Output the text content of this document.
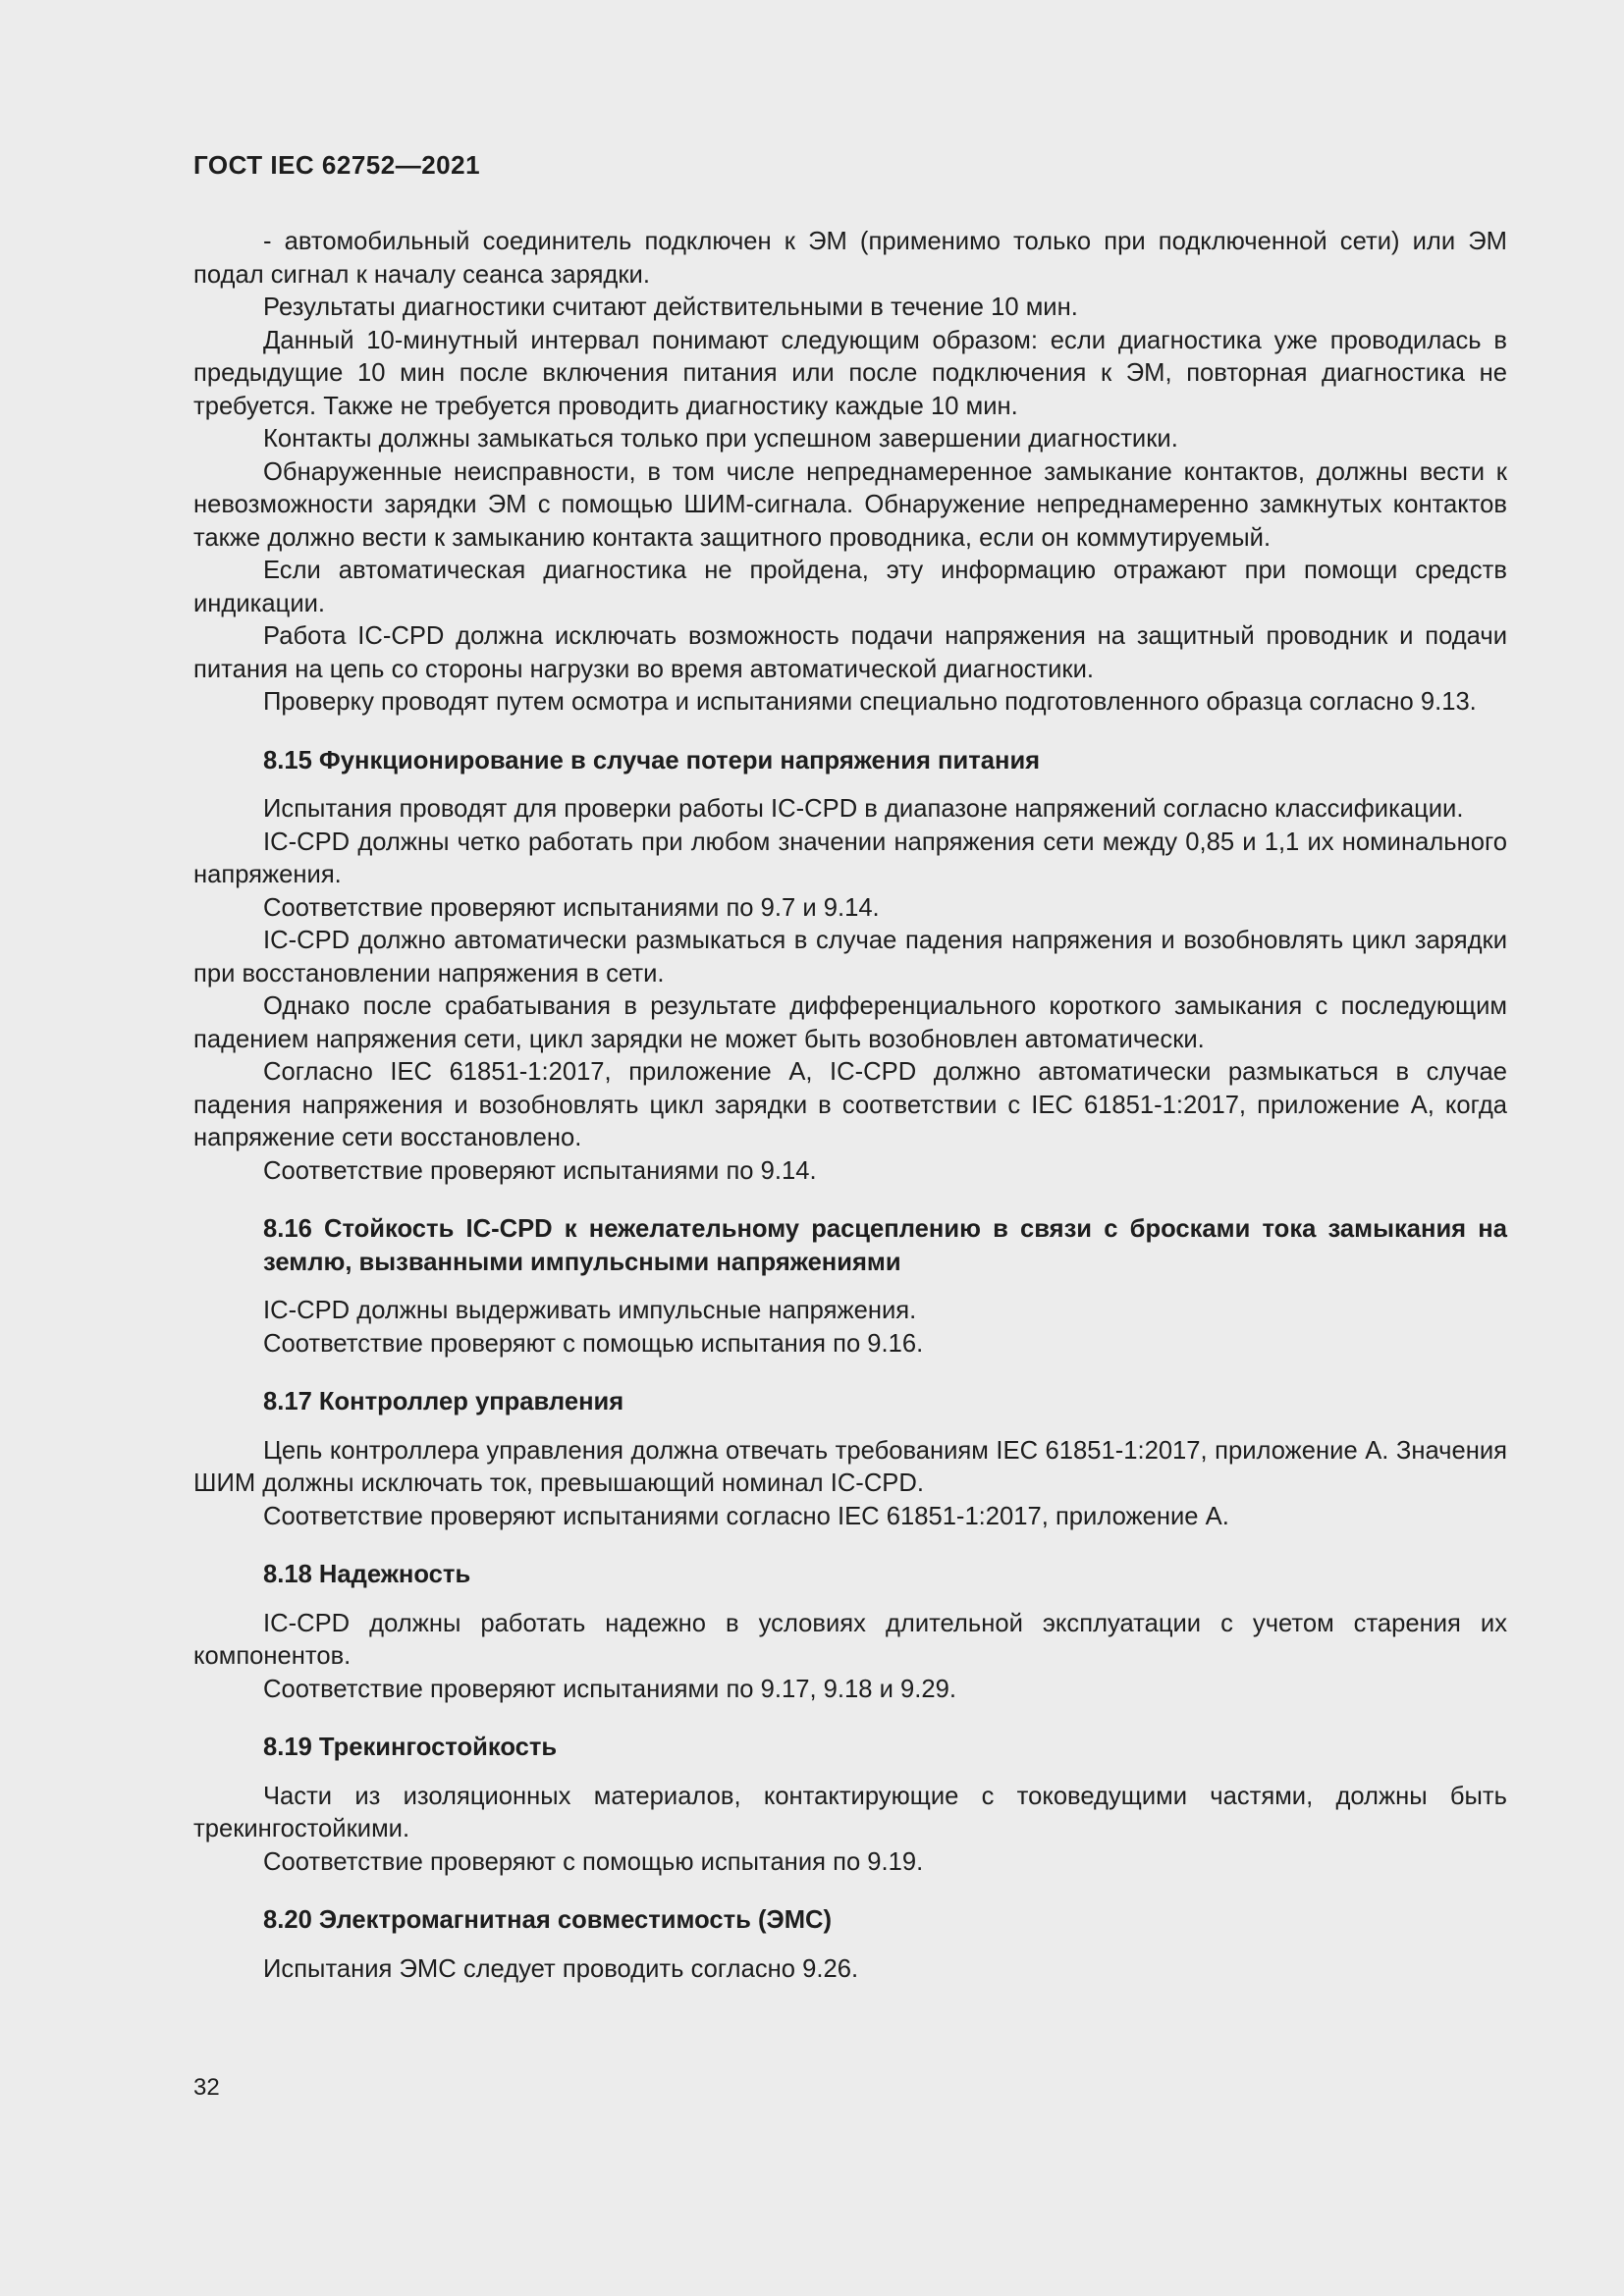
ГОСТ IEC 62752—2021

- автомобильный соединитель подключен к ЭМ (применимо только при подключенной сети) или ЭМ подал сигнал к началу сеанса зарядки.

Результаты диагностики считают действительными в течение 10 мин.

Данный 10-минутный интервал понимают следующим образом: если диагностика уже проводилась в предыдущие 10 мин после включения питания или после подключения к ЭМ, повторная диагностика не требуется. Также не требуется проводить диагностику каждые 10 мин.

Контакты должны замыкаться только при успешном завершении диагностики.

Обнаруженные неисправности, в том числе непреднамеренное замыкание контактов, должны вести к невозможности зарядки ЭМ с помощью ШИМ-сигнала. Обнаружение непреднамеренно замкнутых контактов также должно вести к замыканию контакта защитного проводника, если он коммутируемый.

Если автоматическая диагностика не пройдена, эту информацию отражают при помощи средств индикации.

Работа IC-CPD должна исключать возможность подачи напряжения на защитный проводник и подачи питания на цепь со стороны нагрузки во время автоматической диагностики.

Проверку проводят путем осмотра и испытаниями специально подготовленного образца согласно 9.13.

8.15 Функционирование в случае потери напряжения питания

Испытания проводят для проверки работы IC-CPD в диапазоне напряжений согласно классификации.

IC-CPD должны четко работать при любом значении напряжения сети между 0,85 и 1,1 их номинального напряжения.

Соответствие проверяют испытаниями по 9.7 и 9.14.

IC-CPD должно автоматически размыкаться в случае падения напряжения и возобновлять цикл зарядки при восстановлении напряжения в сети.

Однако после срабатывания в результате дифференциального короткого замыкания с последующим падением напряжения сети, цикл зарядки не может быть возобновлен автоматически.

Согласно IEC 61851-1:2017, приложение А, IC-CPD должно автоматически размыкаться в случае падения напряжения и возобновлять цикл зарядки в соответствии с IEC 61851-1:2017, приложение А, когда напряжение сети восстановлено.

Соответствие проверяют испытаниями по 9.14.

8.16 Стойкость IC-CPD к нежелательному расцеплению в связи с бросками тока замыкания на землю, вызванными импульсными напряжениями

IC-CPD должны выдерживать импульсные напряжения.

Соответствие проверяют с помощью испытания по 9.16.

8.17 Контроллер управления

Цепь контроллера управления должна отвечать требованиям IEC 61851-1:2017, приложение А. Значения ШИМ должны исключать ток, превышающий номинал IC-CPD.

Соответствие проверяют испытаниями согласно IEC 61851-1:2017, приложение А.

8.18 Надежность

IC-CPD должны работать надежно в условиях длительной эксплуатации с учетом старения их компонентов.

Соответствие проверяют испытаниями по 9.17, 9.18 и 9.29.

8.19 Трекингостойкость

Части из изоляционных материалов, контактирующие с токоведущими частями, должны быть трекингостойкими.

Соответствие проверяют с помощью испытания по 9.19.

8.20 Электромагнитная совместимость (ЭМС)

Испытания ЭМС следует проводить согласно 9.26.

32
